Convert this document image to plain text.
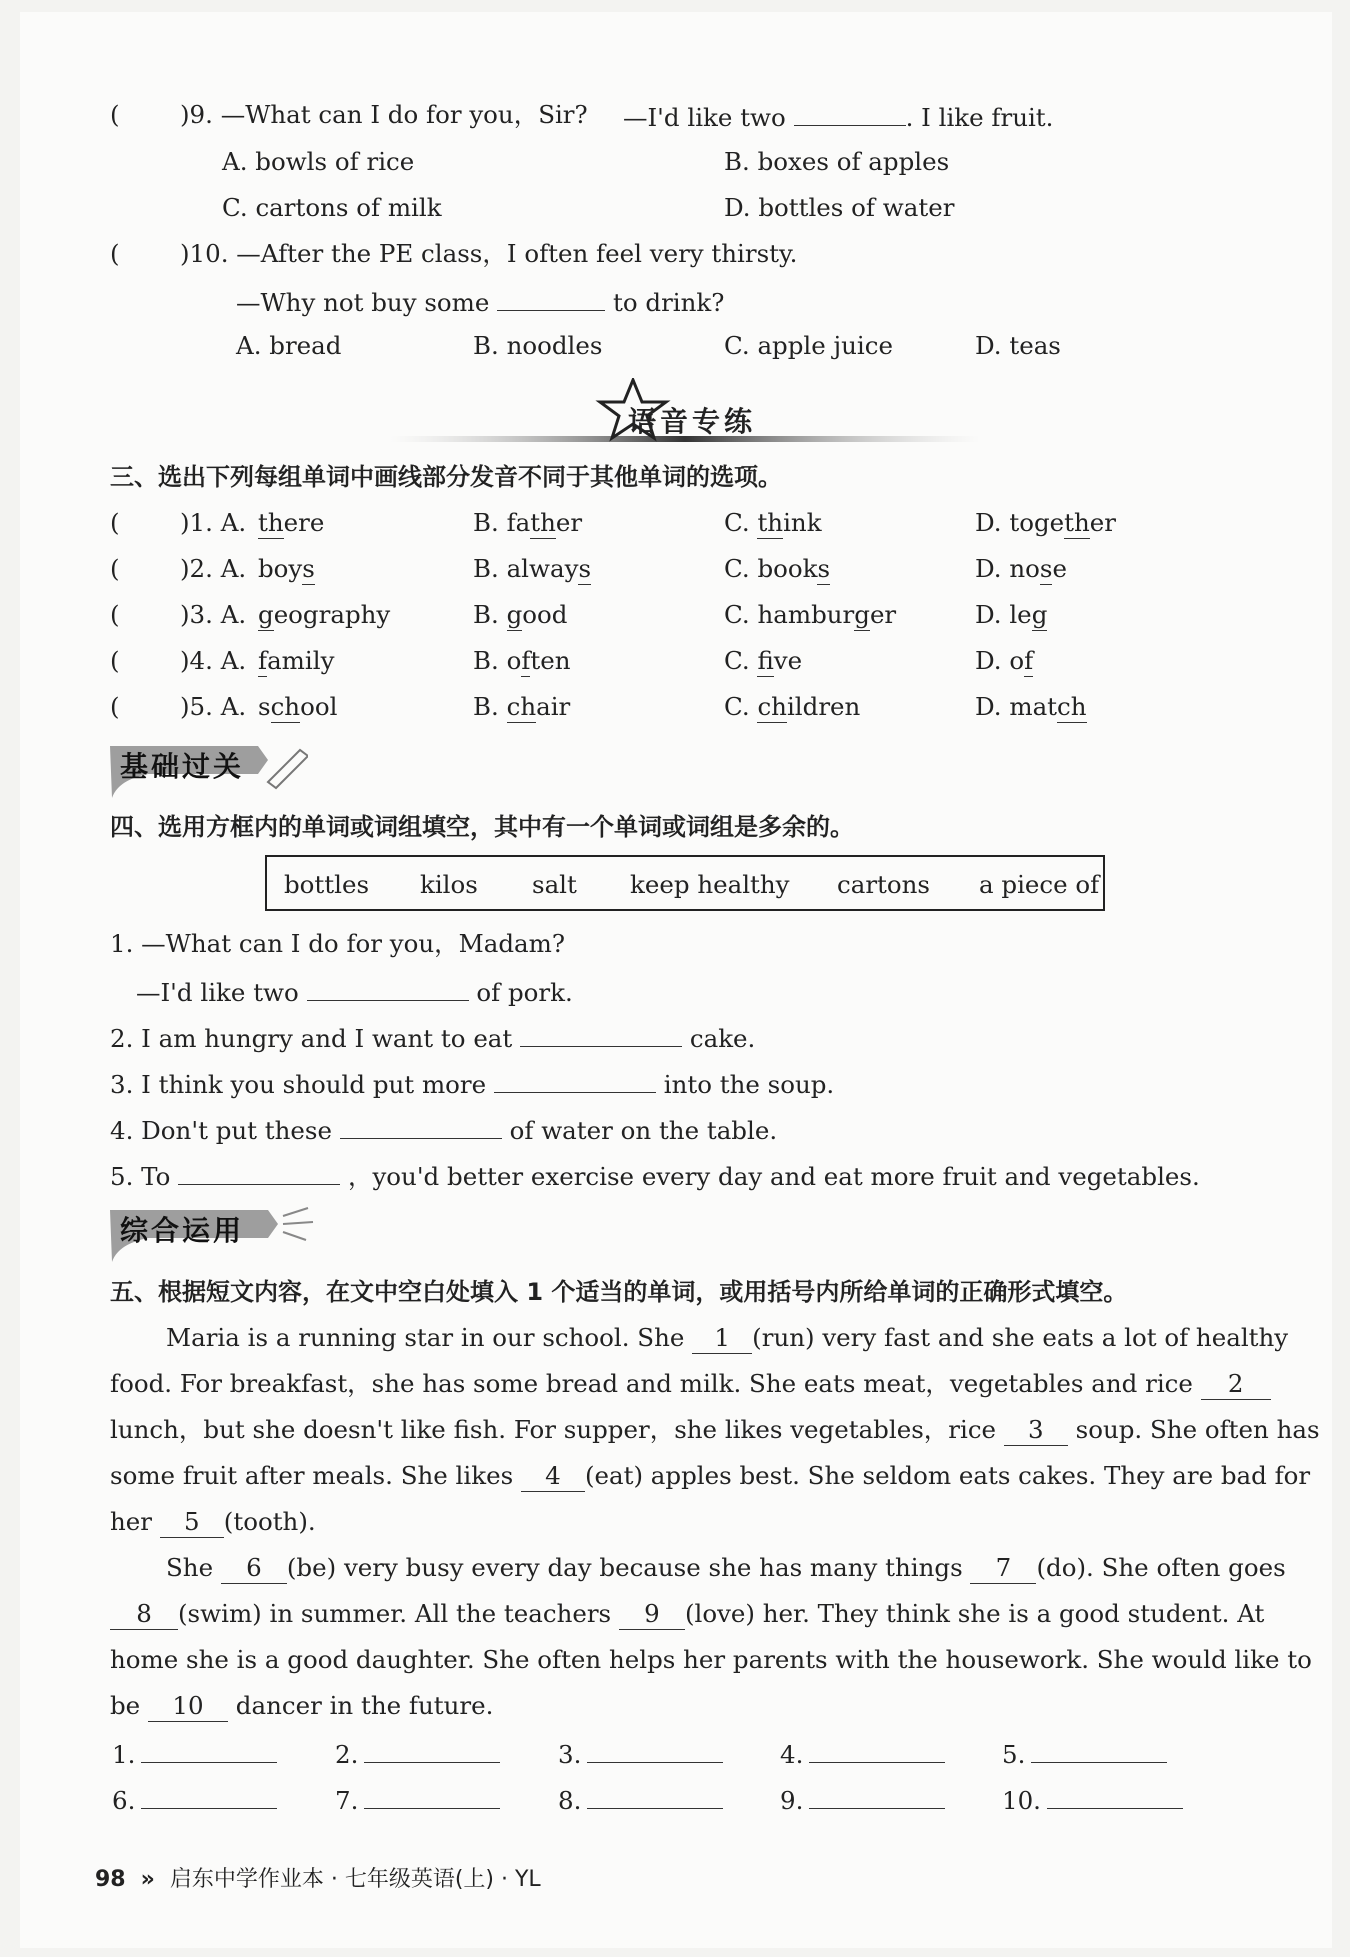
( )9. —What can I do for you，Sir? —I'd like two	. I like fruit.
A. bowls of rice	B. boxes of apples
C. cartons of milk	D. bottles of water
( )10. —After the PE class，I often feel very thirsty.
—Why not buy some	to drink?
A. bread	B. noodles	C. apple juice	D. teas
语音专练
三、选出下列每组单词中画线部分发音不同于其他单词的选项。
( )1. A. there	B. father	C. think	D. together
( )2. A. boys	B. always	C. books	D. nose
( )3. A. geography	B. good	C. hamburger	D. leg
( )4. A. family	B. often	C. five	D. of
( )5. A. school	B. chair	C. children	D. match
基础过关
四、选用方框内的单词或词组填空，其中有一个单词或词组是多余的。
bottles kilos salt keep healthy cartons a piece of
1. —What can I do for you，Madam?
—I'd like two	of pork.
2. I am hungry and I want to eat	cake.
3. I think you should put more	into the soup.
4. Don't put these	of water on the table.
5. To	，you'd better exercise every day and eat more fruit and vegetables.
综合运用
五、根据短文内容，在文中空白处填入 1 个适当的单词，或用括号内所给单词的正确形式填空。
Maria is a running star in our school. She 1 (run) very fast and she eats a lot of healthy
food. For breakfast，she has some bread and milk. She eats meat，vegetables and rice 2
lunch，but she doesn't like fish. For supper，she likes vegetables，rice 3 soup. She often has
some fruit after meals. She likes 4 (eat) apples best. She seldom eats cakes. They are bad for
her 5 (tooth).
She 6 (be) very busy every day because she has many things 7 (do). She often goes
8 (swim) in summer. All the teachers 9 (love) her. They think she is a good student. At
home she is a good daughter. She often helps her parents with the housework. She would like to
be 10 dancer in the future.
1.	2.	3.	4.	5.
6.	7.	8.	9.	10.
98 » 启东中学作业本 · 七年级英语(上) · YL
